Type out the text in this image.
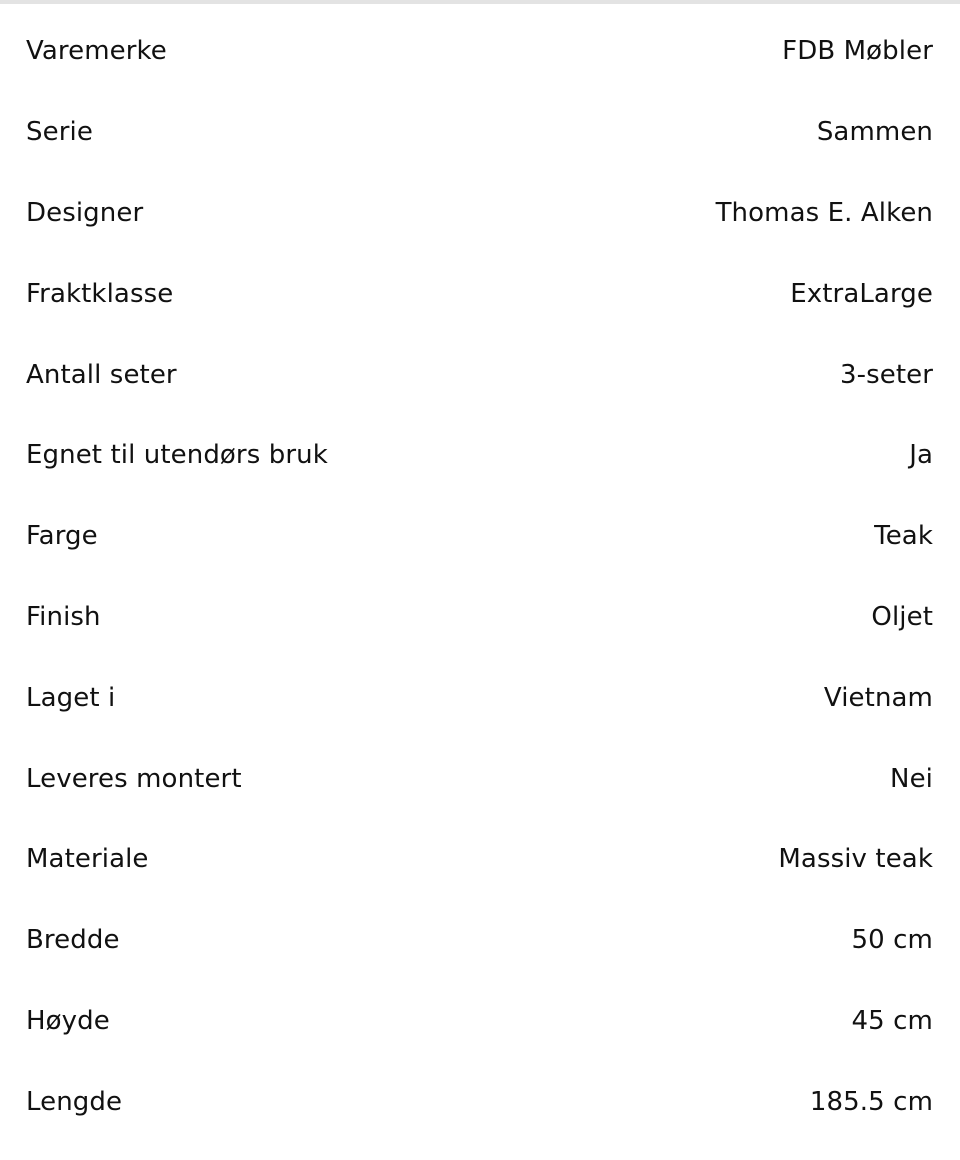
Varemerke	FDB Møbler
Serie	Sammen
Designer	Thomas E. Alken
Fraktklasse	ExtraLarge
Antall seter	3-seter
Egnet til utendørs bruk	Ja
Farge	Teak
Finish	Oljet
Laget i	Vietnam
Leveres montert	Nei
Materiale	Massiv teak
Bredde	50 cm
Høyde	45 cm
Lengde	185.5 cm
